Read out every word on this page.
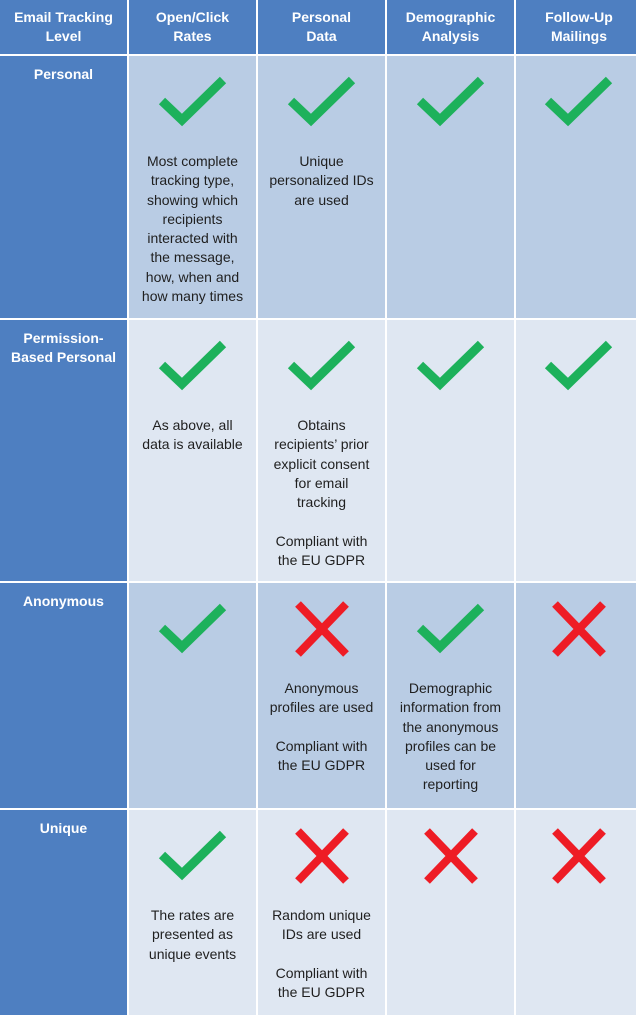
Email Tracking
Level
Open/Click
Rates
Personal
Data
Demographic
Analysis
Follow-Up
Mailings
Personal
Most complete
tracking type,
showing which
recipients
interacted with
the message,
how, when and
how many times
Unique
personalized IDs
are used
Permission-
Based Personal
As above, all
data is available
Obtains
recipients’ prior
explicit consent
for email
tracking

Compliant with
the EU GDPR
Anonymous
Anonymous
profiles are used

Compliant with
the EU GDPR
Demographic
information from
the anonymous
profiles can be
used for
reporting
Unique
The rates are
presented as
unique events
Random unique
IDs are used

Compliant with
the EU GDPR
